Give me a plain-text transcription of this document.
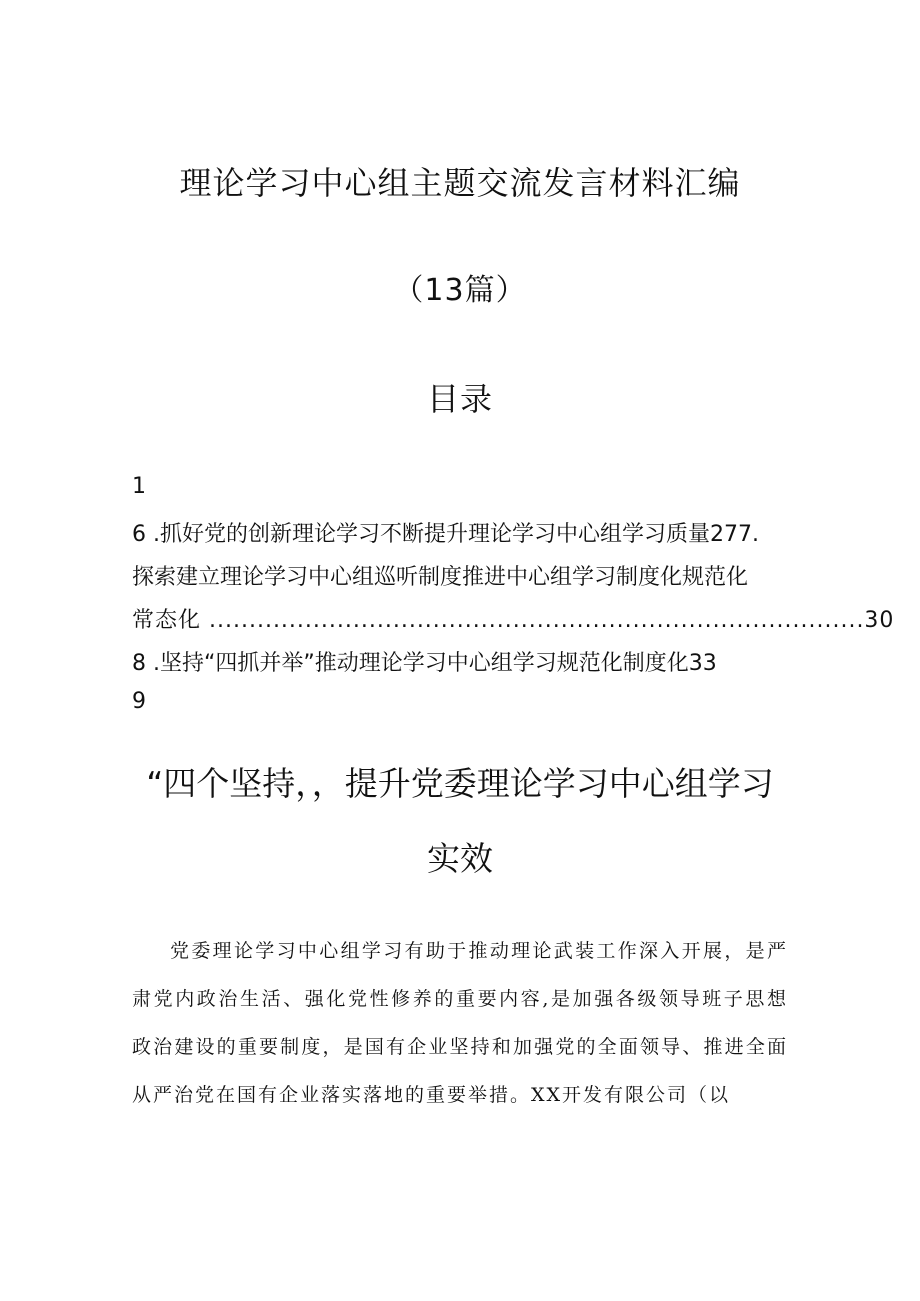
理论学习中心组主题交流发言材料汇编
（13篇）
目录
1
6 .抓好党的创新理论学习不断提升理论学习中心组学习质量277.
探索建立理论学习中心组巡听制度推进中心组学习制度化规范化
常态化 ..................................................................................30
8 .坚持“四抓并举”推动理论学习中心组学习规范化制度化33
9
“四个坚持，，提升党委理论学习中心组学习
实效

党委理论学习中心组学习有助于推动理论武装工作深入开展，是严肃党内政治生活、强化党性修养的重要内容,是加强各级领导班子思想政治建设的重要制度，是国有企业坚持和加强党的全面领导、推进全面从严治党在国有企业落实落地的重要举措。XX开发有限公司（以
